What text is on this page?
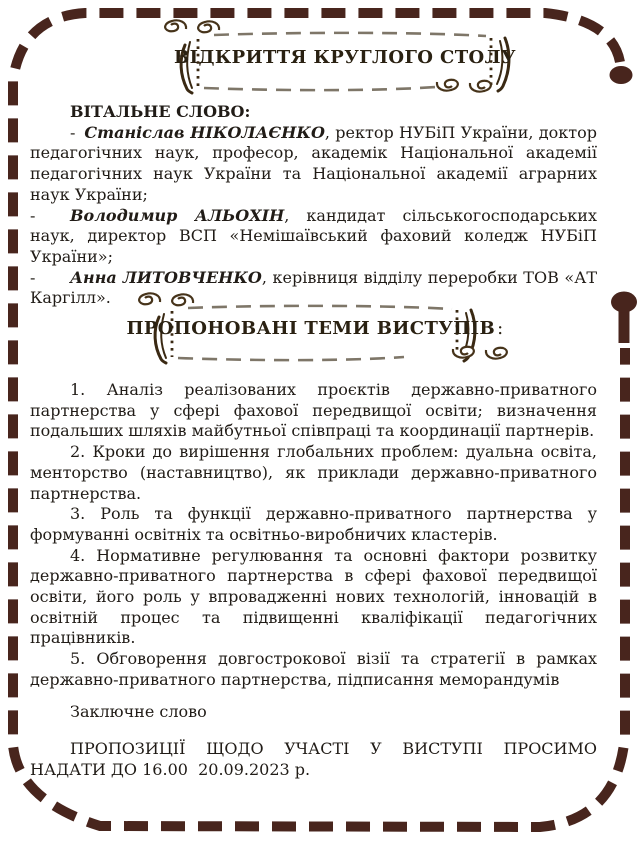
ВІДКРИТТЯ КРУГЛОГО СТОЛУ

ВІТАЛЬНЕ СЛОВО:

- Станіслав НІКОЛАЄНКО, ректор НУБіП України, доктор педагогічних наук, професор, академік Національної академії педагогічних наук України та Національної академії аграрних наук України;

- Володимир АЛЬОХІН, кандидат сільськогосподарських наук, директор ВСП «Немішаївський фаховий коледж НУБіП України»;

- Анна ЛИТОВЧЕНКО, керівниця відділу переробки ТОВ «АТ Каргілл».

ПРОПОНОВАНІ ТЕМИ ВИСТУПІВ :

1. Аналіз реалізованих проєктів державно-приватного партнерства у сфері фахової передвищої освіти; визначення подальших шляхів майбутньої співпраці та координації партнерів.

2. Кроки до вирішення глобальних проблем: дуальна освіта, менторство (наставництво), як приклади державно-приватного партнерства.

3. Роль та функції державно-приватного партнерства у формуванні освітніх та освітньо-виробничих кластерів.

4. Нормативне регулювання та основні фактори розвитку державно-приватного партнерства в сфері фахової передвищої освіти, його роль у впровадженні нових технологій, інновацій в освітній процес та підвищенні кваліфікації педагогічних працівників.

5. Обговорення довгострокової візії та стратегії в рамках державно-приватного партнерства, підписання меморандумів

Заключне слово

ПРОПОЗИЦІЇ ЩОДО УЧАСТІ У ВИСТУПІ ПРОСИМО НАДАТИ ДО 16.00  20.09.2023 р.
